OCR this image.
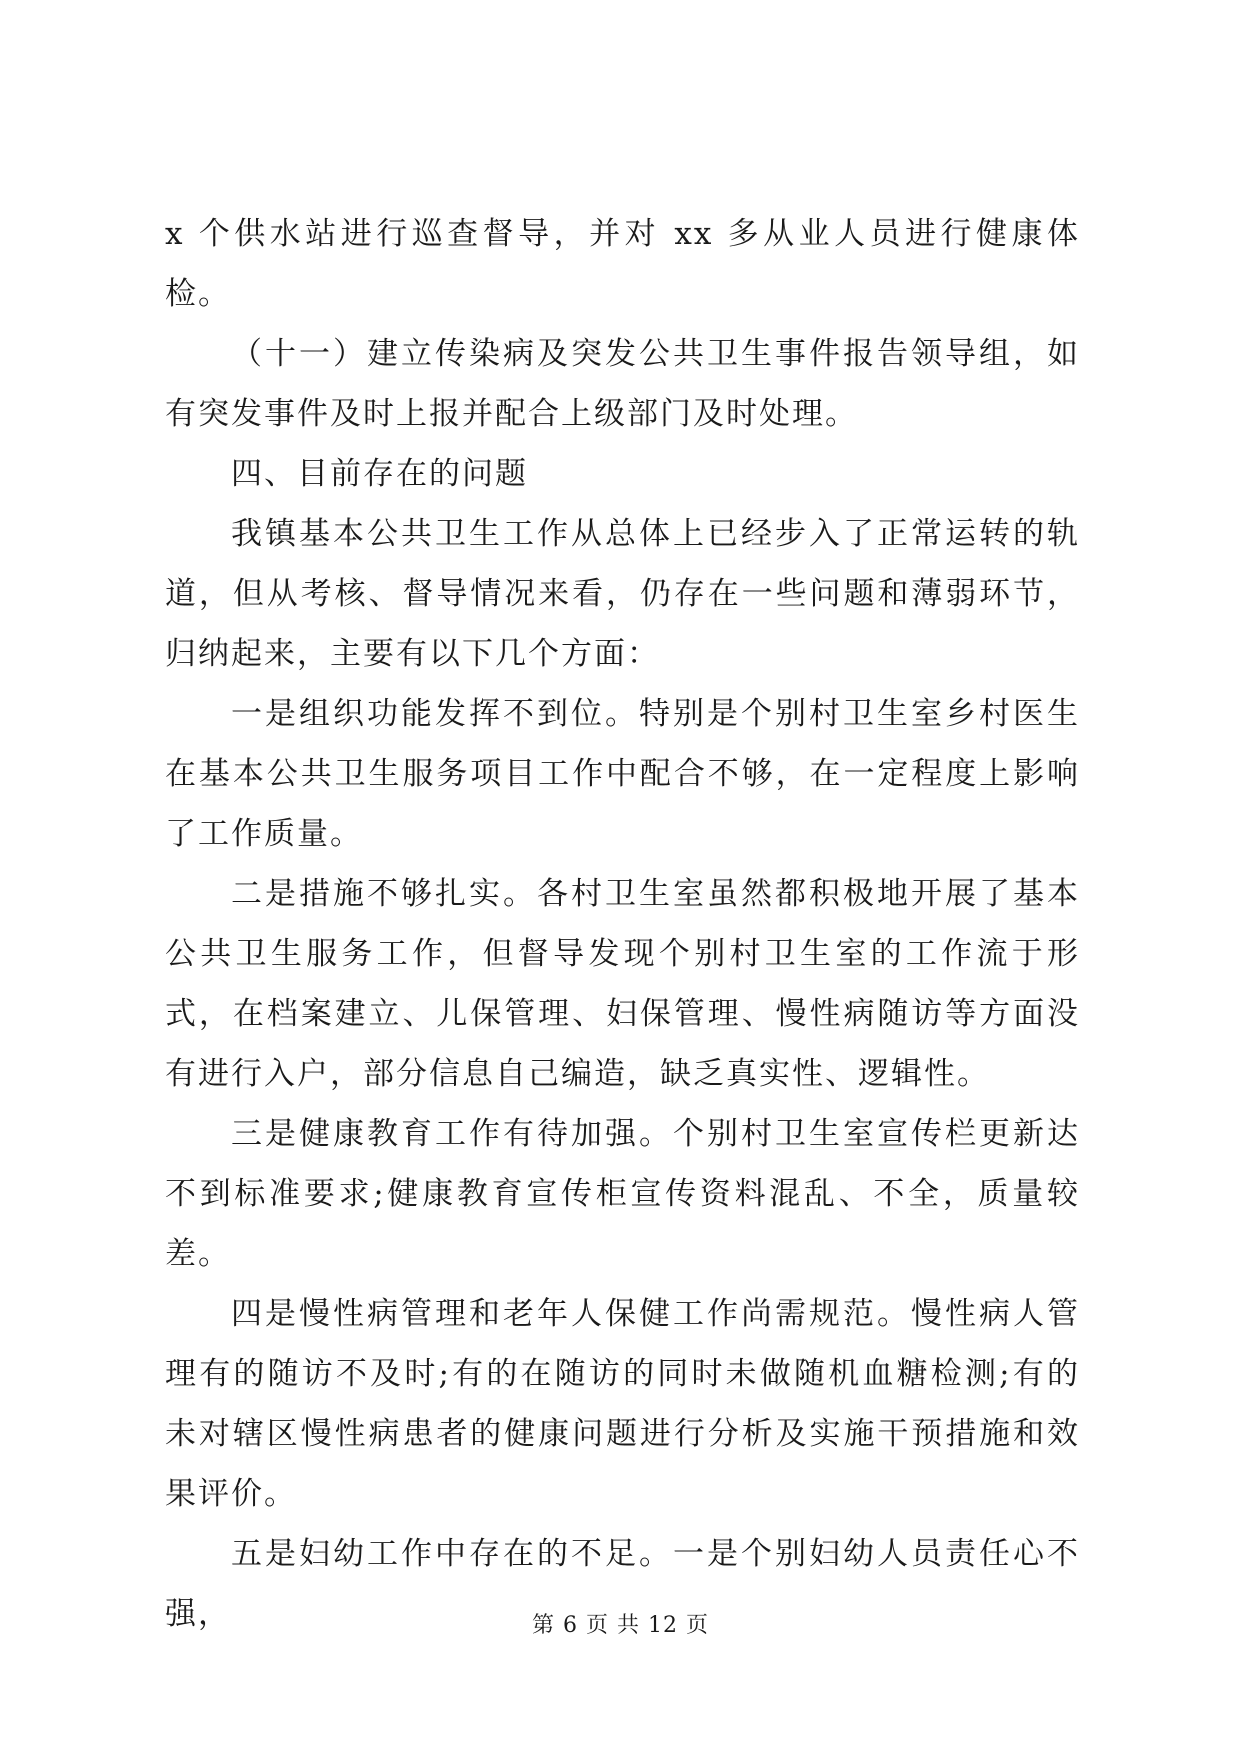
x 个供水站进行巡查督导，并对 xx 多从业人员进行健康体检。

（十一）建立传染病及突发公共卫生事件报告领导组，如有突发事件及时上报并配合上级部门及时处理。

四、目前存在的问题

我镇基本公共卫生工作从总体上已经步入了正常运转的轨道，但从考核、督导情况来看，仍存在一些问题和薄弱环节，归纳起来，主要有以下几个方面：

一是组织功能发挥不到位。特别是个别村卫生室乡村医生在基本公共卫生服务项目工作中配合不够，在一定程度上影响了工作质量。

二是措施不够扎实。各村卫生室虽然都积极地开展了基本公共卫生服务工作，但督导发现个别村卫生室的工作流于形式，在档案建立、儿保管理、妇保管理、慢性病随访等方面没有进行入户，部分信息自己编造，缺乏真实性、逻辑性。

三是健康教育工作有待加强。个别村卫生室宣传栏更新达不到标准要求;健康教育宣传柜宣传资料混乱、不全，质量较差。

四是慢性病管理和老年人保健工作尚需规范。慢性病人管理有的随访不及时;有的在随访的同时未做随机血糖检测;有的未对辖区慢性病患者的健康问题进行分析及实施干预措施和效果评价。

五是妇幼工作中存在的不足。一是个别妇幼人员责任心不强，	第 6 页 共 12 页
